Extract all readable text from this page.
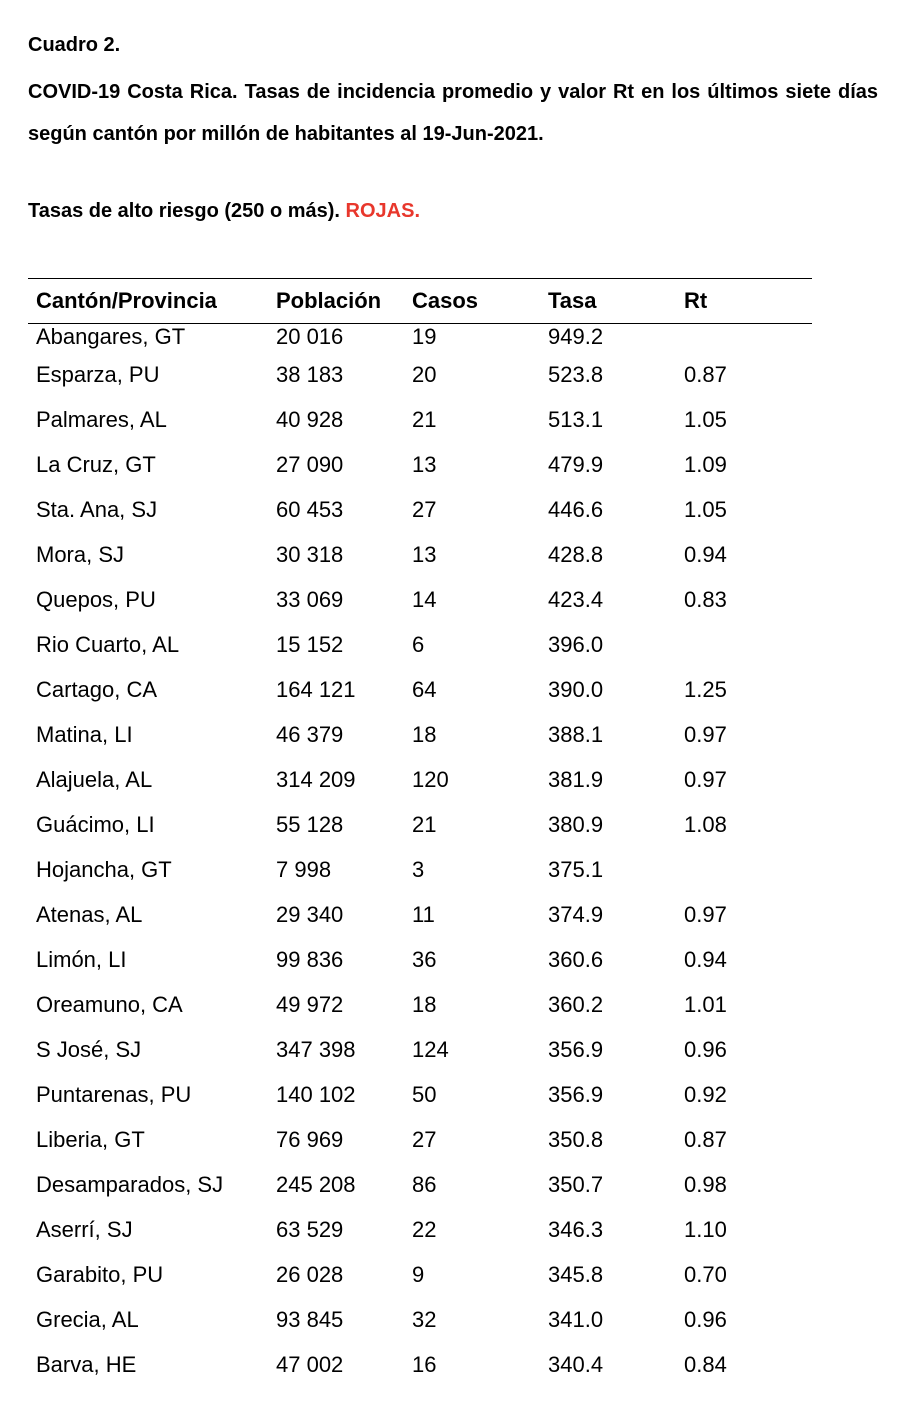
Cuadro 2.

COVID-19 Costa Rica. Tasas de incidencia promedio y valor Rt en los últimos siete días según cantón por millón de habitantes al 19-Jun-2021.

Tasas de alto riesgo (250 o más). ROJAS.

Cantón/Provincia	Población	Casos	Tasa	Rt
Abangares, GT	20 016	19	949.2	
Esparza, PU	38 183	20	523.8	0.87
Palmares, AL	40 928	21	513.1	1.05
La Cruz, GT	27 090	13	479.9	1.09
Sta. Ana, SJ	60 453	27	446.6	1.05
Mora, SJ	30 318	13	428.8	0.94
Quepos, PU	33 069	14	423.4	0.83
Rio Cuarto, AL	15 152	6	396.0	
Cartago, CA	164 121	64	390.0	1.25
Matina, LI	46 379	18	388.1	0.97
Alajuela, AL	314 209	120	381.9	0.97
Guácimo, LI	55 128	21	380.9	1.08
Hojancha, GT	7 998	3	375.1	
Atenas, AL	29 340	11	374.9	0.97
Limón, LI	99 836	36	360.6	0.94
Oreamuno, CA	49 972	18	360.2	1.01
S José, SJ	347 398	124	356.9	0.96
Puntarenas, PU	140 102	50	356.9	0.92
Liberia, GT	76 969	27	350.8	0.87
Desamparados, SJ	245 208	86	350.7	0.98
Aserrí, SJ	63 529	22	346.3	1.10
Garabito, PU	26 028	9	345.8	0.70
Grecia, AL	93 845	32	341.0	0.96
Barva, HE	47 002	16	340.4	0.84
